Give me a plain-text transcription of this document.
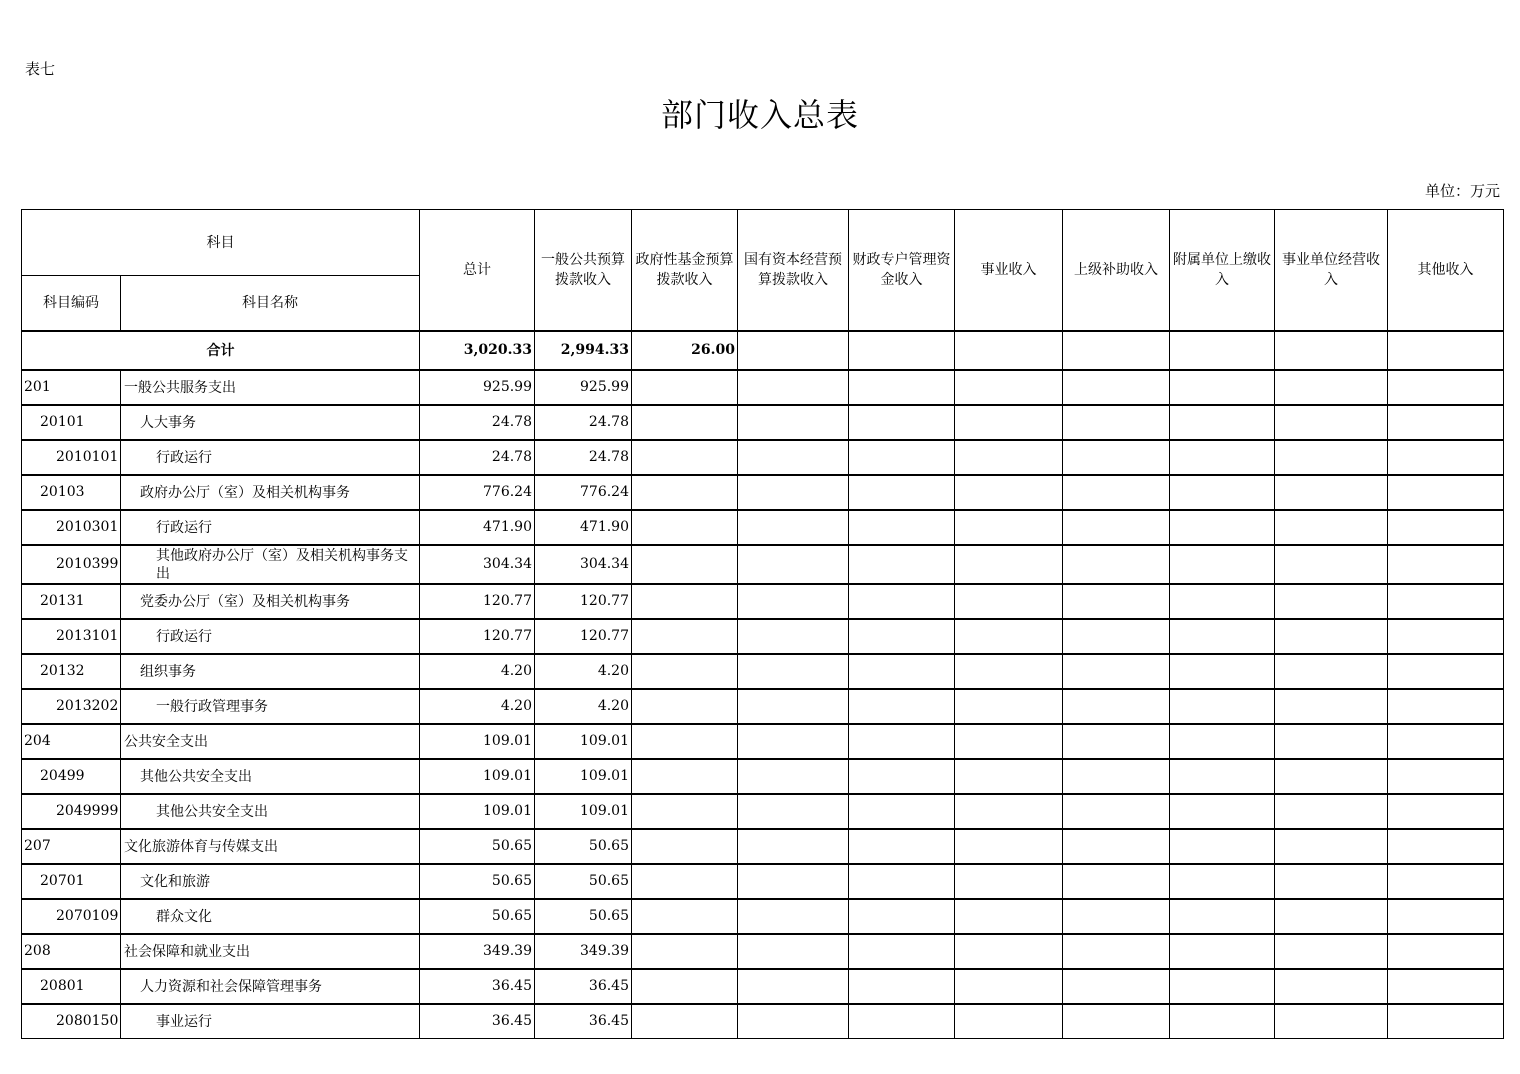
表七
部门收入总表
单位：万元
科目		总计	一般公共预算拨款收入	政府性基金预算拨款收入	国有资本经营预算拨款收入	财政专户管理资金收入	事业收入	上级补助收入	附属单位上缴收入	事业单位经营收入	其他收入
科目编码	科目名称										
合计		3,020.33	2,994.33	26.00							
201	一般公共服务支出	925.99	925.99								
20101	人大事务	24.78	24.78								
2010101	行政运行	24.78	24.78								
20103	政府办公厅（室）及相关机构事务	776.24	776.24								
2010301	行政运行	471.90	471.90								
2010399	其他政府办公厅（室）及相关机构事务支出	304.34	304.34								
20131	党委办公厅（室）及相关机构事务	120.77	120.77								
2013101	行政运行	120.77	120.77								
20132	组织事务	4.20	4.20								
2013202	一般行政管理事务	4.20	4.20								
204	公共安全支出	109.01	109.01								
20499	其他公共安全支出	109.01	109.01								
2049999	其他公共安全支出	109.01	109.01								
207	文化旅游体育与传媒支出	50.65	50.65								
20701	文化和旅游	50.65	50.65								
2070109	群众文化	50.65	50.65								
208	社会保障和就业支出	349.39	349.39								
20801	人力资源和社会保障管理事务	36.45	36.45								
2080150	事业运行	36.45	36.45								
